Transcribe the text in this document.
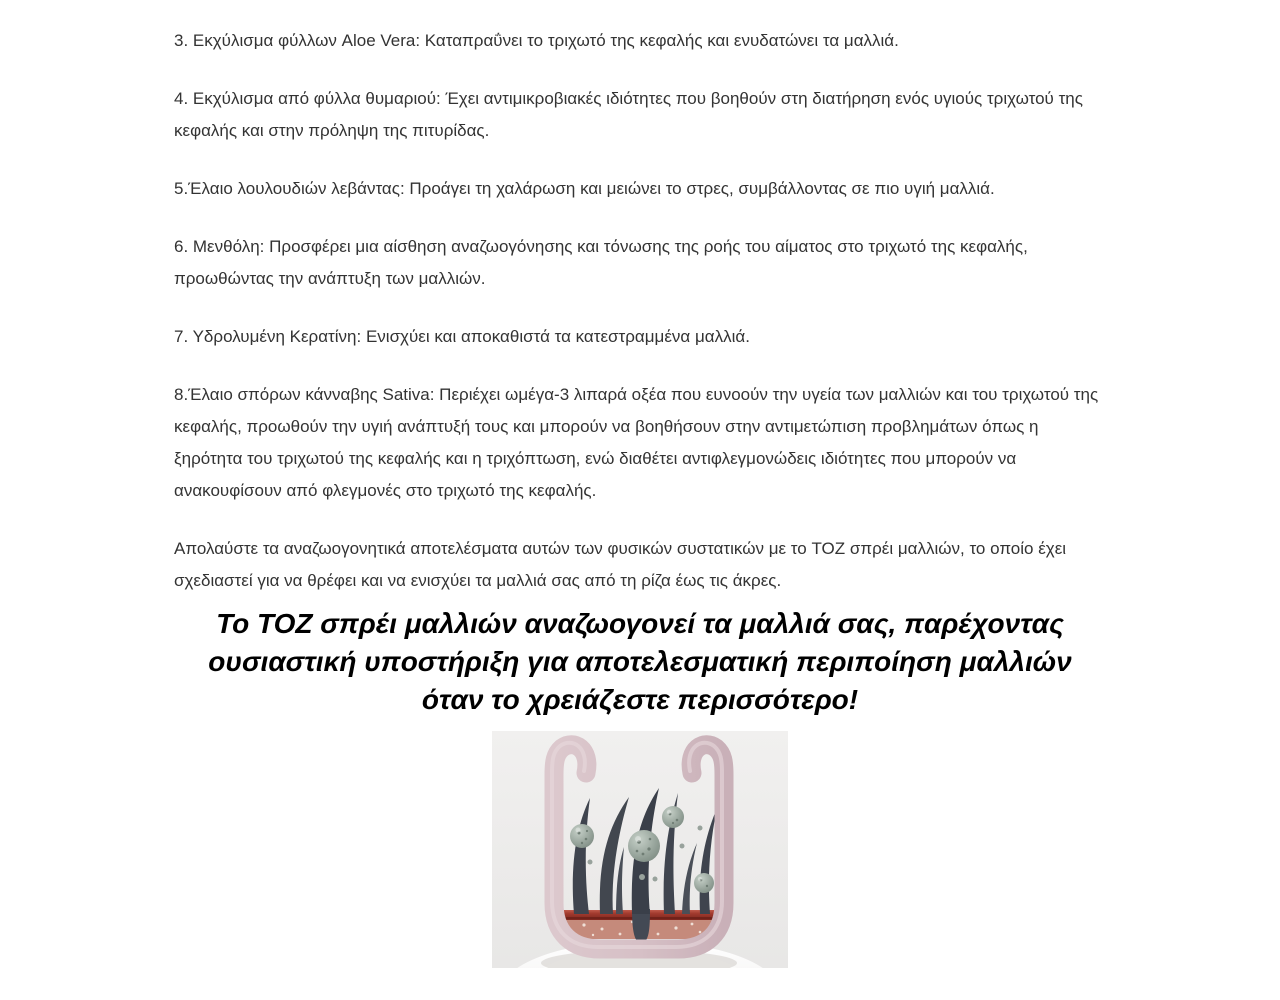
3. Εκχύλισμα φύλλων Aloe Vera: Καταπραΰνει το τριχωτό της κεφαλής και ενυδατώνει τα μαλλιά.

4. Εκχύλισμα από φύλλα θυμαριού: Έχει αντιμικροβιακές ιδιότητες που βοηθούν στη διατήρηση ενός υγιούς τριχωτού της κεφαλής και στην πρόληψη της πιτυρίδας.

5.Έλαιο λουλουδιών λεβάντας: Προάγει τη χαλάρωση και μειώνει το στρες, συμβάλλοντας σε πιο υγιή μαλλιά.

6. Μενθόλη: Προσφέρει μια αίσθηση αναζωογόνησης και τόνωσης της ροής του αίματος στο τριχωτό της κεφαλής, προωθώντας την ανάπτυξη των μαλλιών.

7. Υδρολυμένη Κερατίνη: Ενισχύει και αποκαθιστά τα κατεστραμμένα μαλλιά.

8.Έλαιο σπόρων κάνναβης Sativa: Περιέχει ωμέγα-3 λιπαρά οξέα που ευνοούν την υγεία των μαλλιών και του τριχωτού της κεφαλής, προωθούν την υγιή ανάπτυξή τους και μπορούν να βοηθήσουν στην αντιμετώπιση προβλημάτων όπως η ξηρότητα του τριχωτού της κεφαλής και η τριχόπτωση, ενώ διαθέτει αντιφλεγμονώδεις ιδιότητες που μπορούν να ανακουφίσουν από φλεγμονές στο τριχωτό της κεφαλής.

Απολαύστε τα αναζωογονητικά αποτελέσματα αυτών των φυσικών συστατικών με το TOZ σπρέι μαλλιών, το οποίο έχει σχεδιαστεί για να θρέφει και να ενισχύει τα μαλλιά σας από τη ρίζα έως τις άκρες.

Το TOZ σπρέι μαλλιών αναζωογονεί τα μαλλιά σας, παρέχοντας ουσιαστική υποστήριξη για αποτελεσματική περιποίηση μαλλιών όταν το χρειάζεστε περισσότερο!
